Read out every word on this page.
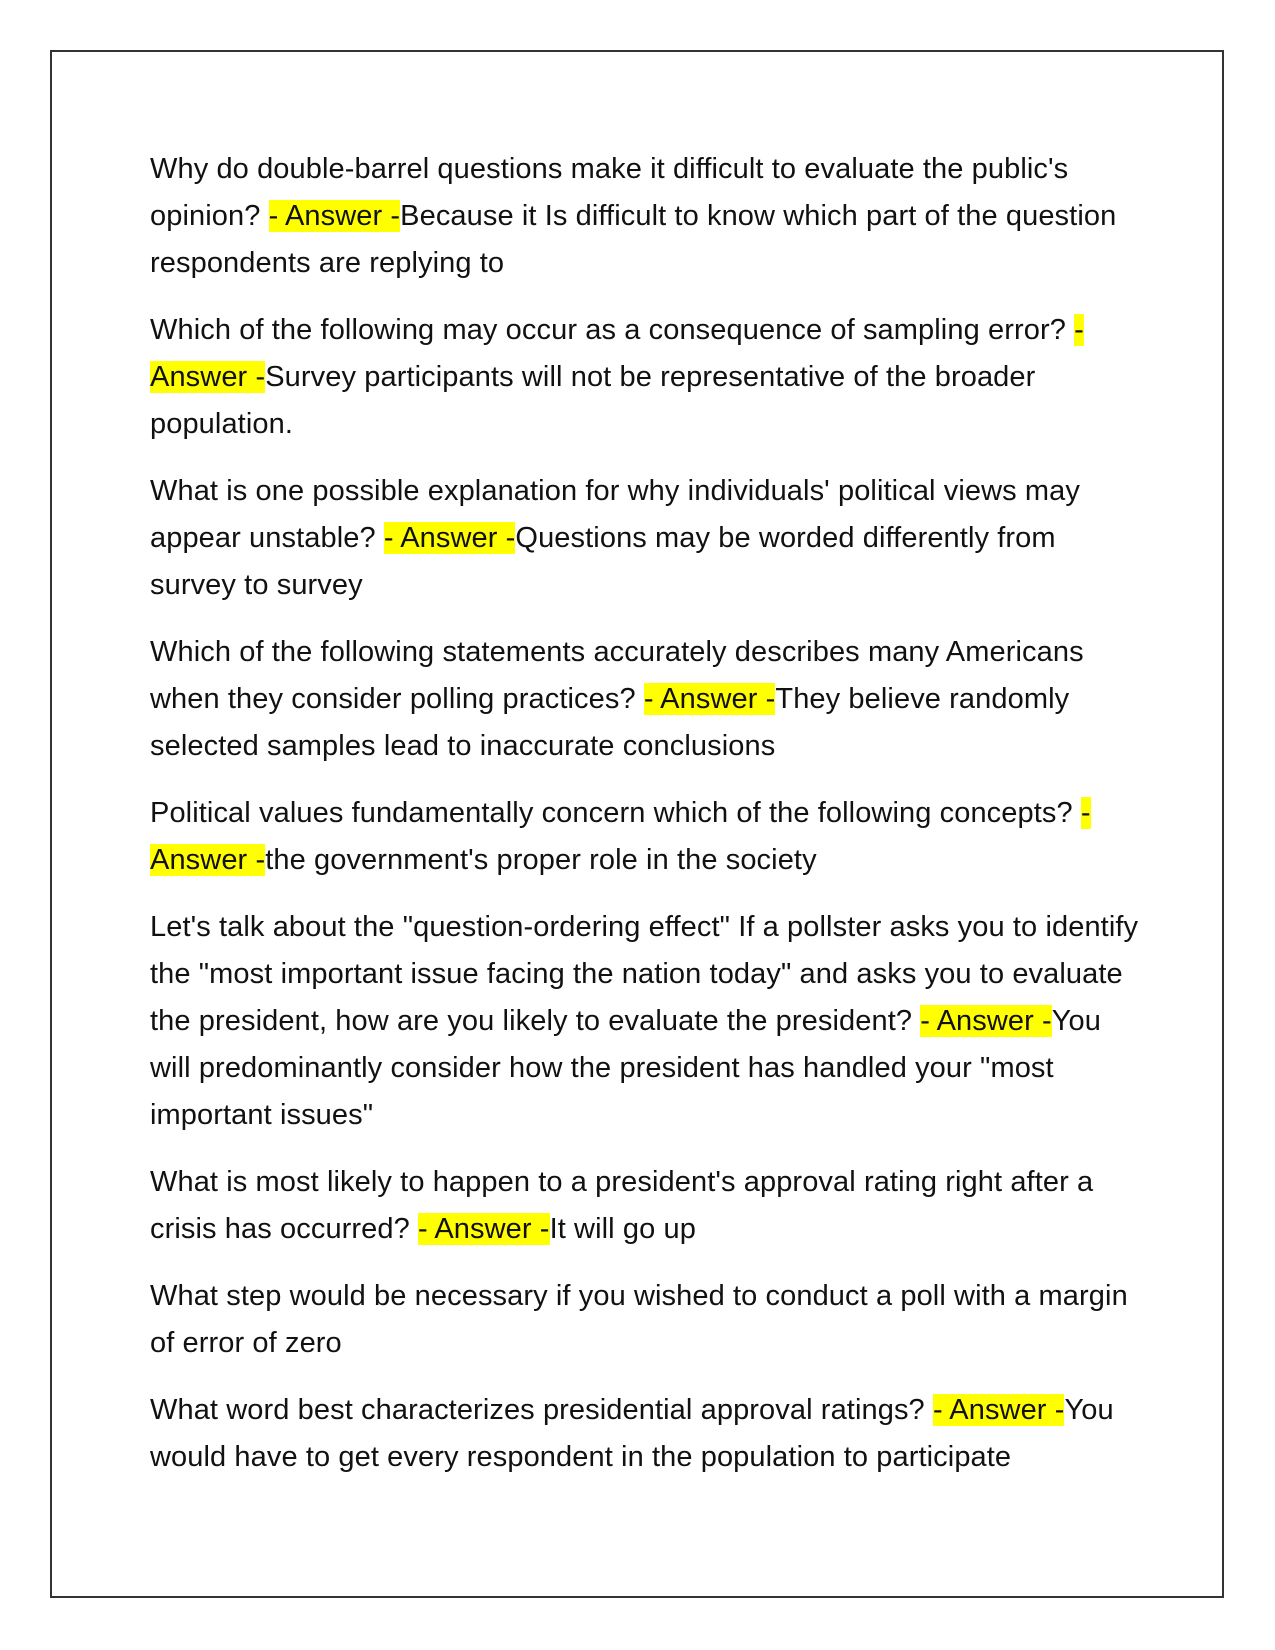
Why do double-barrel questions make it difficult to evaluate the public's opinion? - Answer -Because it Is difficult to know which part of the question respondents are replying to

Which of the following may occur as a consequence of sampling error? - Answer -Survey participants will not be representative of the broader population.

What is one possible explanation for why individuals' political views may appear unstable? - Answer -Questions may be worded differently from survey to survey

Which of the following statements accurately describes many Americans when they consider polling practices? - Answer -They believe randomly selected samples lead to inaccurate conclusions

Political values fundamentally concern which of the following concepts? - Answer -the government's proper role in the society

Let's talk about the "question-ordering effect" If a pollster asks you to identify the "most important issue facing the nation today" and asks you to evaluate the president, how are you likely to evaluate the president? - Answer -You will predominantly consider how the president has handled your "most important issues"

What is most likely to happen to a president's approval rating right after a crisis has occurred? - Answer -It will go up

What step would be necessary if you wished to conduct a poll with a margin of error of zero

What word best characterizes presidential approval ratings? - Answer -You would have to get every respondent in the population to participate
